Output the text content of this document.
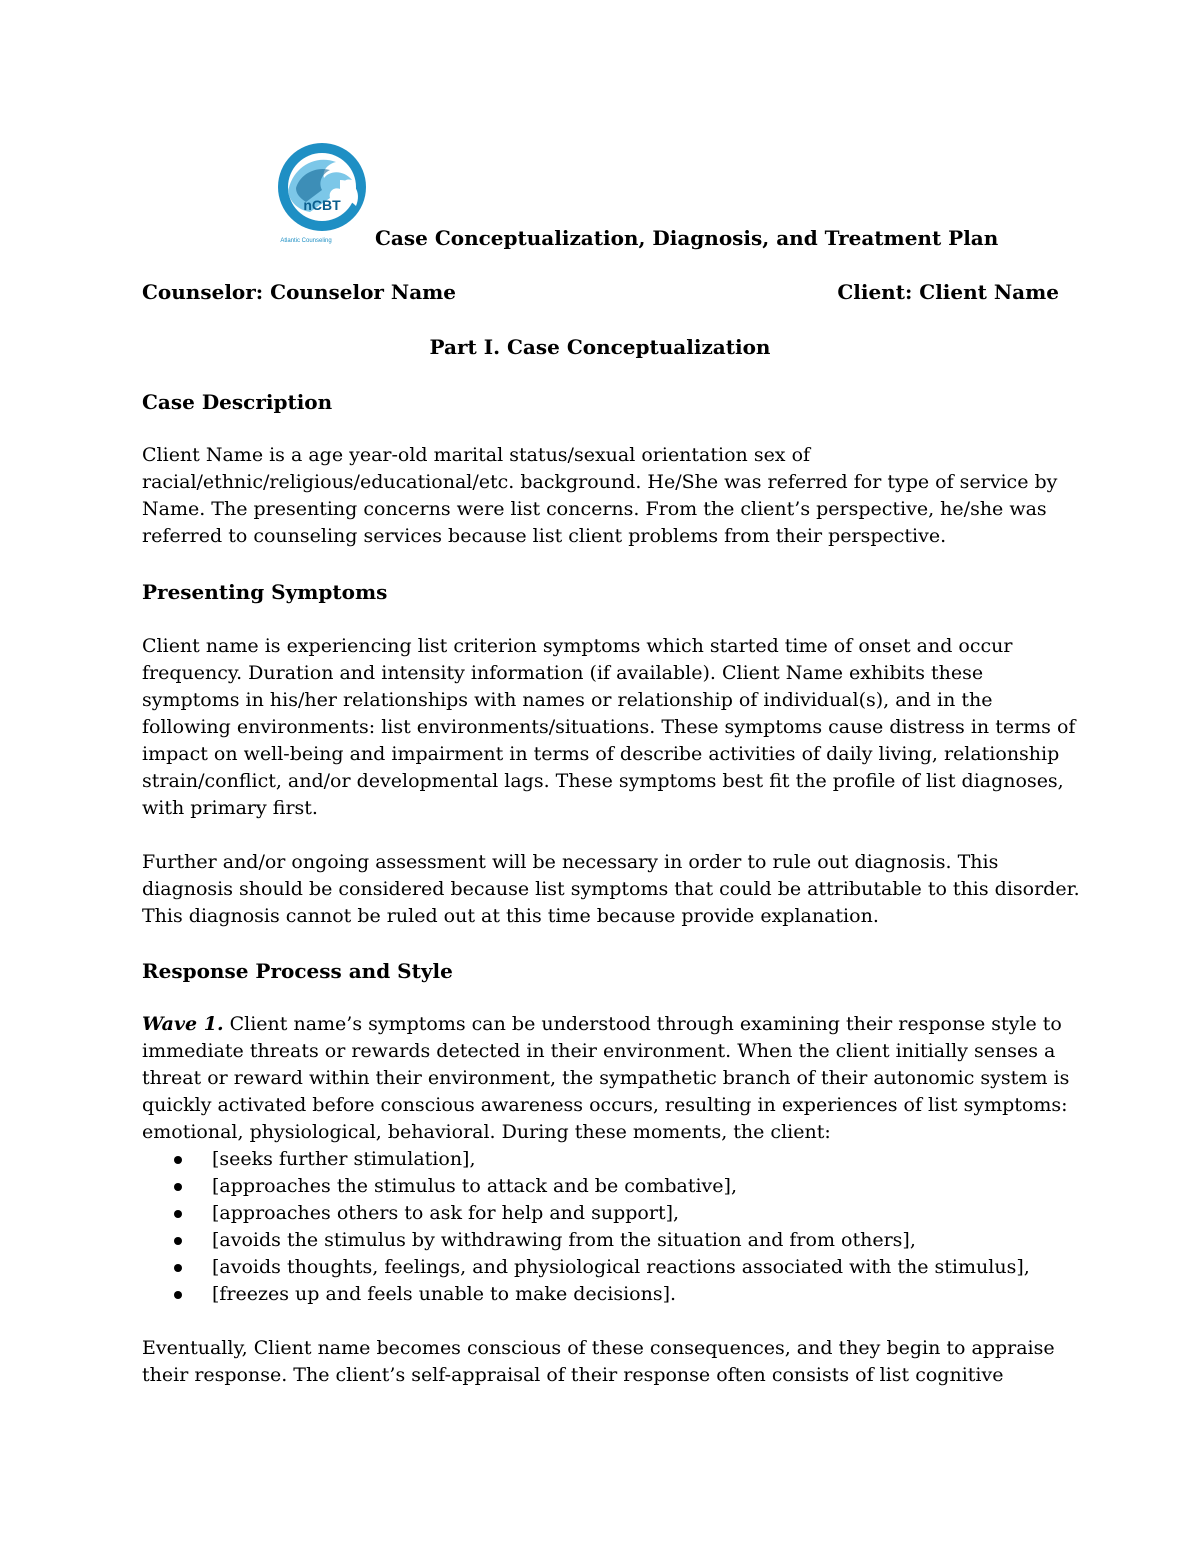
nCBT
Atlantic Counseling Case Conceptualization, Diagnosis, and Treatment Plan
Counselor: Counselor Name	Client: Client Name
Part I. Case Conceptualization
Case Description

Client Name is a age year-old marital status/sexual orientation sex of
racial/ethnic/religious/educational/etc. background. He/She was referred for type of service by
Name. The presenting concerns were list concerns. From the client’s perspective, he/she was
referred to counseling services because list client problems from their perspective.

Presenting Symptoms

Client name is experiencing list criterion symptoms which started time of onset and occur
frequency. Duration and intensity information (if available). Client Name exhibits these
symptoms in his/her relationships with names or relationship of individual(s), and in the
following environments: list environments/situations. These symptoms cause distress in terms of
impact on well-being and impairment in terms of describe activities of daily living, relationship
strain/conflict, and/or developmental lags. These symptoms best fit the profile of list diagnoses,
with primary first.

Further and/or ongoing assessment will be necessary in order to rule out diagnosis. This
diagnosis should be considered because list symptoms that could be attributable to this disorder.
This diagnosis cannot be ruled out at this time because provide explanation.

Response Process and Style

Wave 1. Client name’s symptoms can be understood through examining their response style to
immediate threats or rewards detected in their environment. When the client initially senses a
threat or reward within their environment, the sympathetic branch of their autonomic system is
quickly activated before conscious awareness occurs, resulting in experiences of list symptoms:
emotional, physiological, behavioral. During these moments, the client:

[seeks further stimulation],
[approaches the stimulus to attack and be combative],
[approaches others to ask for help and support],
[avoids the stimulus by withdrawing from the situation and from others],
[avoids thoughts, feelings, and physiological reactions associated with the stimulus],
[freezes up and feels unable to make decisions].

Eventually, Client name becomes conscious of these consequences, and they begin to appraise
their response. The client’s self-appraisal of their response often consists of list cognitive
